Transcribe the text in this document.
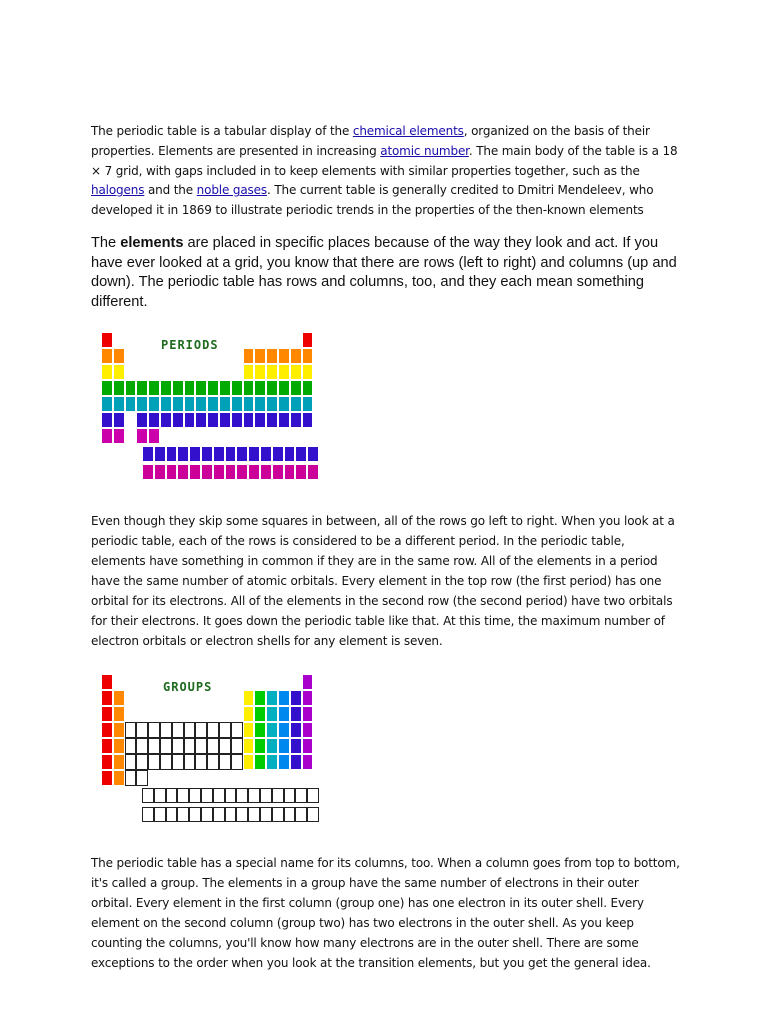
The periodic table is a tabular display of the chemical elements, organized on the basis of their properties. Elements are presented in increasing atomic number. The main body of the table is a 18 × 7 grid, with gaps included in to keep elements with similar properties together, such as the halogens and the noble gases. The current table is generally credited to Dmitri Mendeleev, who developed it in 1869 to illustrate periodic trends in the properties of the then-known elements
The elements are placed in specific places because of the way they look and act. If you have ever looked at a grid, you know that there are rows (left to right) and columns (up and down). The periodic table has rows and columns, too, and they each mean something different.
PERIODS
Even though they skip some squares in between, all of the rows go left to right. When you look at a periodic table, each of the rows is considered to be a different period. In the periodic table, elements have something in common if they are in the same row. All of the elements in a period have the same number of atomic orbitals. Every element in the top row (the first period) has one orbital for its electrons. All of the elements in the second row (the second period) have two orbitals for their electrons. It goes down the periodic table like that. At this time, the maximum number of electron orbitals or electron shells for any element is seven.
GROUPS
The periodic table has a special name for its columns, too. When a column goes from top to bottom, it's called a group. The elements in a group have the same number of electrons in their outer orbital. Every element in the first column (group one) has one electron in its outer shell. Every element on the second column (group two) has two electrons in the outer shell. As you keep counting the columns, you'll know how many electrons are in the outer shell. There are some exceptions to the order when you look at the transition elements, but you get the general idea.
